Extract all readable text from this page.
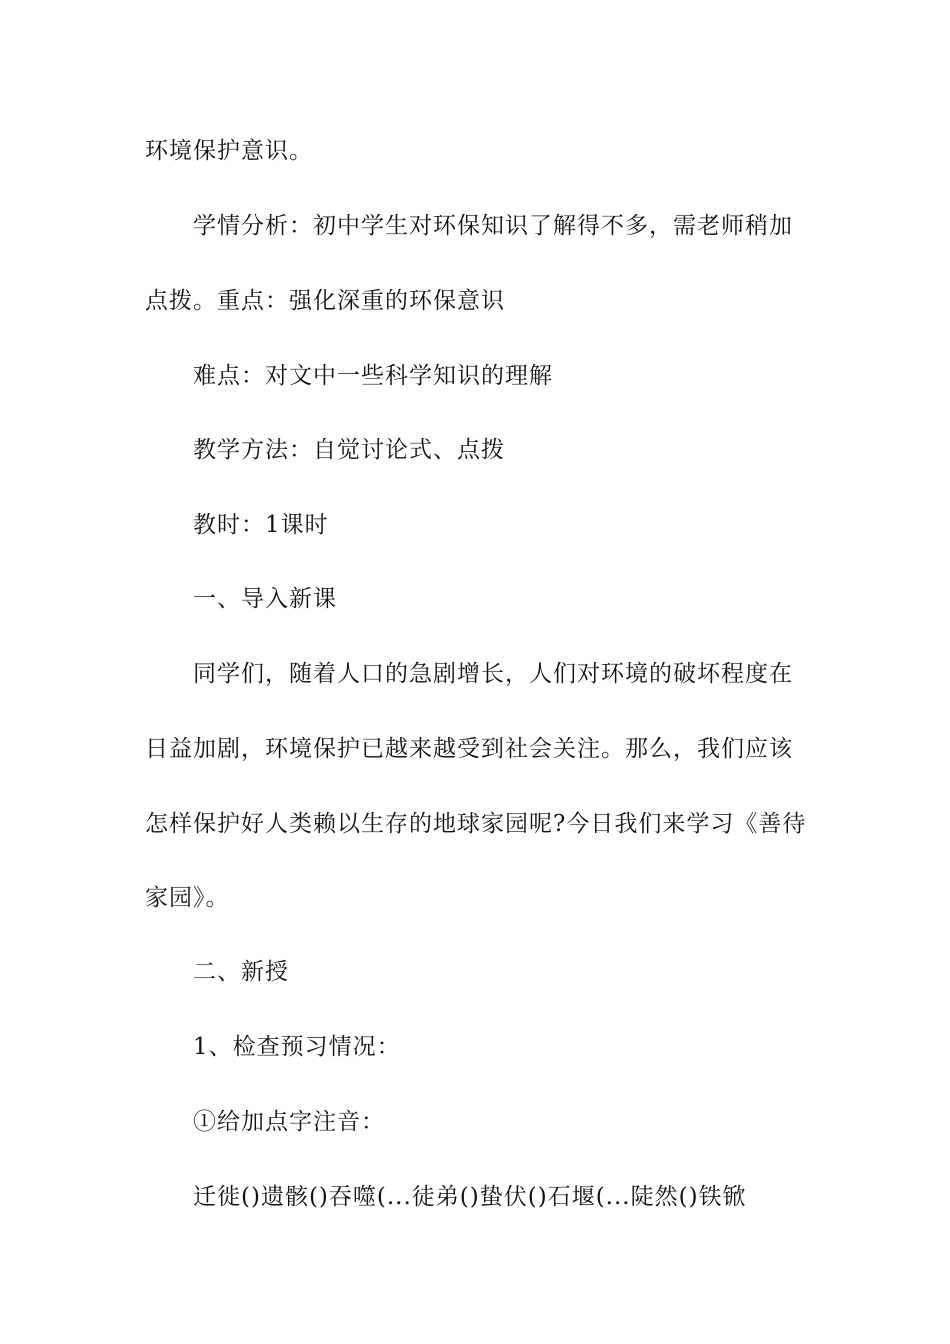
环境保护意识。
学情分析：初中学生对环保知识了解得不多，需老师稍加
点拨。重点：强化深重的环保意识
难点：对文中一些科学知识的理解
教学方法：自觉讨论式、点拨
教时：1课时
一、导入新课
同学们，随着人口的急剧增长，人们对环境的破坏程度在
日益加剧，环境保护已越来越受到社会关注。那么，我们应该
怎样保护好人类赖以生存的地球家园呢?今日我们来学习《善待
家园》。
二、新授
1、检查预习情况：
①给加点字注音：
迁徙()遗骸()吞噬(...徒弟()蛰伏()石堰(...陡然()铁锨
